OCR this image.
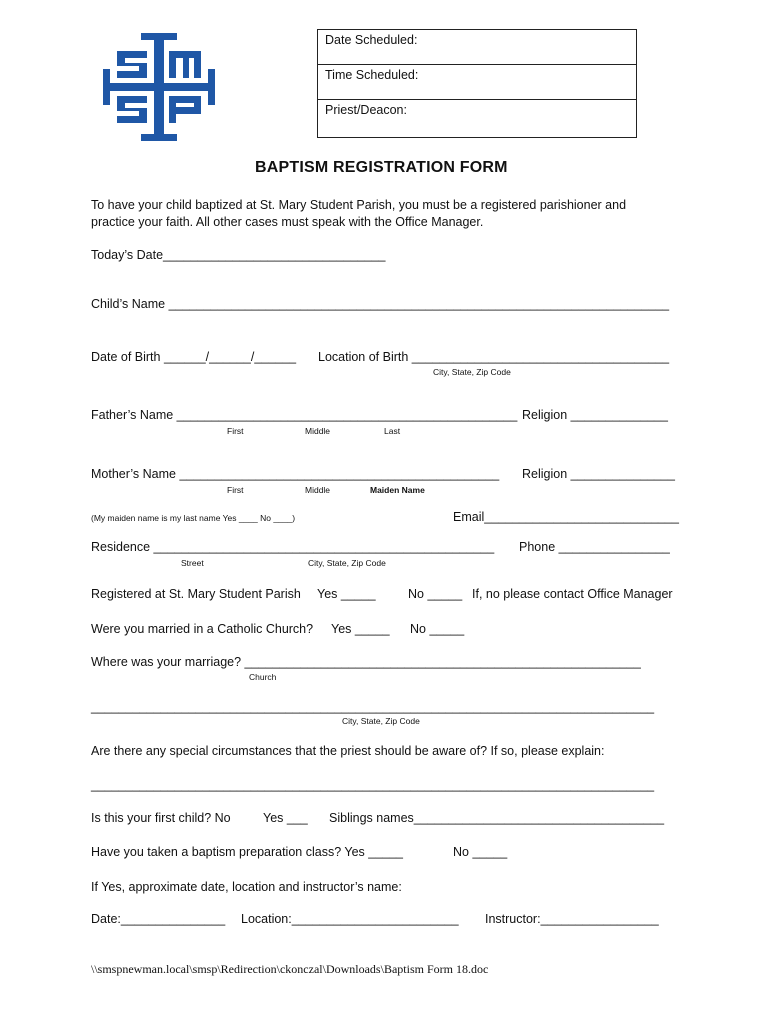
Date Scheduled:
Time Scheduled:
Priest/Deacon:
BAPTISM REGISTRATION FORM
To have your child baptized at St. Mary Student Parish, you must be a registered parishioner and
practice your faith. All other cases must speak with the Office Manager.
Today’s Date________________________________
Child’s Name ________________________________________________________________________
Date of Birth ______/______/______ Location of Birth _____________________________________
City, State, Zip Code
Father’s Name _________________________________________________ Religion ______________
First	Middle	Last
Mother’s Name ______________________________________________ Religion _______________
First	Middle	Maiden Name
(My maiden name is my last name Yes ____ No ____)	Email____________________________
Residence _________________________________________________ Phone ________________
Street	City, State, Zip Code
Registered at St. Mary Student Parish Yes _____	No _____ If, no please contact Office Manager
Were you married in a Catholic Church? Yes _____ No _____
Where was your marriage? _________________________________________________________
Church
_________________________________________________________________________________
City, State, Zip Code
Are there any special circumstances that the priest should be aware of? If so, please explain:
_________________________________________________________________________________
Is this your first child? No	Yes ___ Siblings names____________________________________
Have you taken a baptism preparation class? Yes _____	No _____
If Yes, approximate date, location and instructor’s name:
Date:_______________ Location:________________________ Instructor:_________________
\\smspnewman.local\smsp\Redirection\ckonczal\Downloads\Baptism Form 18.doc
